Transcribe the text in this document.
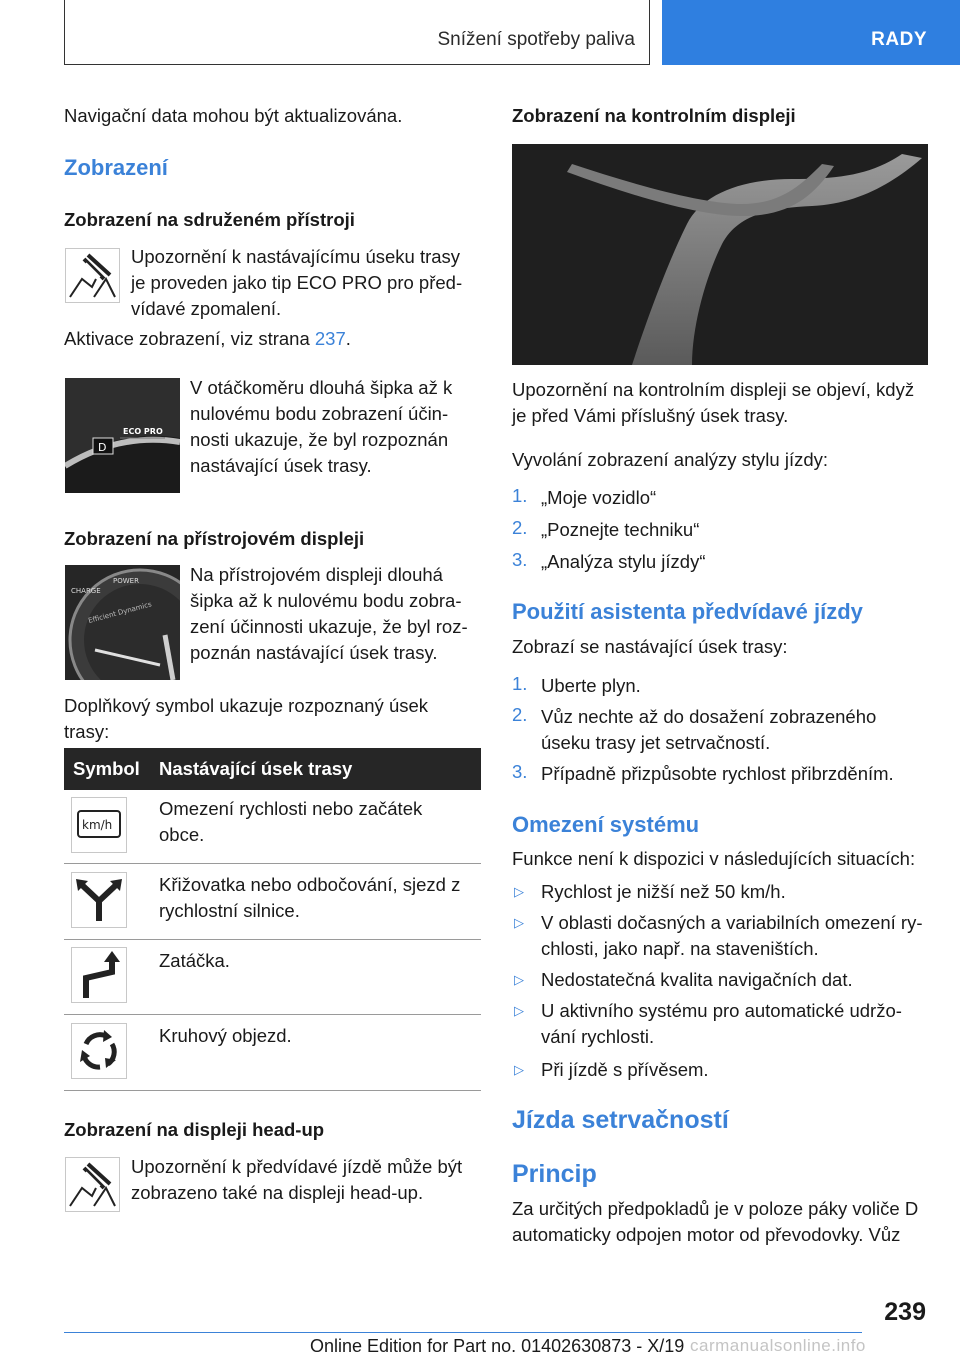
Snížení spotřeby paliva	RADY
Navigační data mohou být aktualizována.
Zobrazení
Zobrazení na sdruženém přístroji
Upozornění k nastávajícímu úseku trasy
je proveden jako tip ECO PRO pro před-
vídavé zpomalení.
Aktivace zobrazení, viz strana 237.
D
ECO PRO
V otáčkoměru dlouhá šipka až k
nulovému bodu zobrazení účin-
nosti ukazuje, že byl rozpoznán
nastávající úsek trasy.
Zobrazení na přístrojovém displeji
CHARGE
POWER
Efficient Dynamics
Na přístrojovém displeji dlouhá
šipka až k nulovému bodu zobra-
zení účinnosti ukazuje, že byl roz-
poznán nastávající úsek trasy.
Doplňkový symbol ukazuje rozpoznaný úsek
trasy:
Symbol Nastávající úsek trasy
km/h
Omezení rychlosti nebo začátek
obce.
Křižovatka nebo odbočování, sjezd z
rychlostní silnice.
Zatáčka.
Kruhový objezd.
Zobrazení na displeji head-up
Upozornění k předvídavé jízdě může být
zobrazeno také na displeji head-up.
Zobrazení na kontrolním displeji
Upozornění na kontrolním displeji se objeví, když
je před Vámi příslušný úsek trasy.
Vyvolání zobrazení analýzy stylu jízdy:
1. „Moje vozidlo“
2. „Poznejte techniku“
3. „Analýza stylu jízdy“
Použití asistenta předvídavé jízdy
Zobrazí se nastávající úsek trasy:
1. Uberte plyn.
2. Vůz nechte až do dosažení zobrazeného
úseku trasy jet setrvačností.
3. Případně přizpůsobte rychlost přibrzděním.
Omezení systému
Funkce není k dispozici v následujících situacích:
▷ Rychlost je nižší než 50 km/h.
▷ V oblasti dočasných a variabilních omezení ry-
chlosti, jako např. na staveništích.
▷ Nedostatečná kvalita navigačních dat.
▷ U aktivního systému pro automatické udržo-
vání rychlosti.
▷ Při jízdě s přívěsem.
Jízda setrvačností
Princip
Za určitých předpokladů je v poloze páky voliče D
automaticky odpojen motor od převodovky. Vůz
239
Online Edition for Part no. 01402630873 - X/19 carmanualsonline.info
